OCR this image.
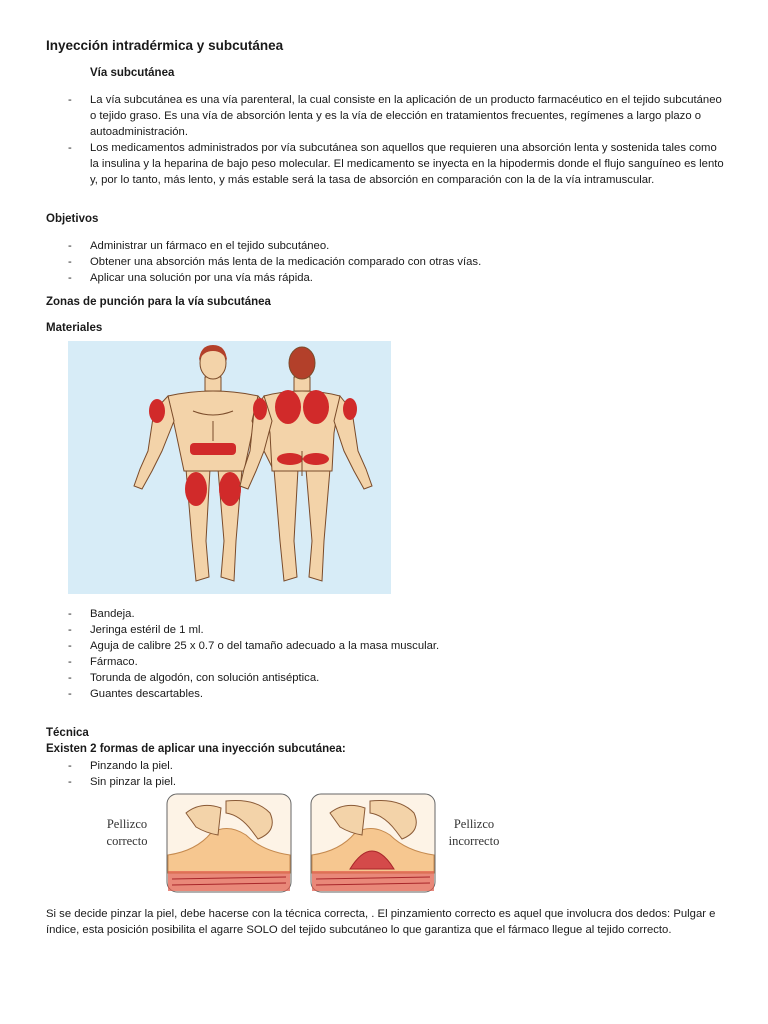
Inyección intradérmica y subcutánea
Vía subcutánea
- La vía subcutánea es una vía parenteral, la cual consiste en la aplicación de un producto farmacéutico en el tejido subcutáneo o tejido graso. Es una vía de absorción lenta y es la vía de elección en tratamientos frecuentes, regímenes a largo plazo o autoadministración.
- Los medicamentos administrados por vía subcutánea son aquellos que requieren una absorción lenta y sostenida tales como la insulina y la heparina de bajo peso molecular. El medicamento se inyecta en la hipodermis donde el flujo sanguíneo es lento y, por lo tanto, más lento, y más estable será la tasa de absorción en comparación con la de la vía intramuscular.
Objetivos
- Administrar un fármaco en el tejido subcutáneo.
- Obtener una absorción más lenta de la medicación comparado con otras vías.
- Aplicar una solución por una vía más rápida.
Zonas de punción para la vía subcutánea
Materiales
- Bandeja.
- Jeringa estéril de 1 ml.
- Aguja de calibre 25 x 0.7 o del tamaño adecuado a la masa muscular.
- Fármaco.
- Torunda de algodón, con solución antiséptica.
- Guantes descartables.
Técnica
Existen 2 formas de aplicar una inyección subcutánea:
- Pinzando la piel.
- Sin pinzar la piel.
Pellizco
correcto
Pellizco
incorrecto
Si se decide pinzar la piel, debe hacerse con la técnica correcta, . El pinzamiento correcto es aquel que involucra dos dedos: Pulgar e índice, esta posición posibilita el agarre SOLO del tejido subcutáneo lo que garantiza que el fármaco llegue al tejido correcto.
